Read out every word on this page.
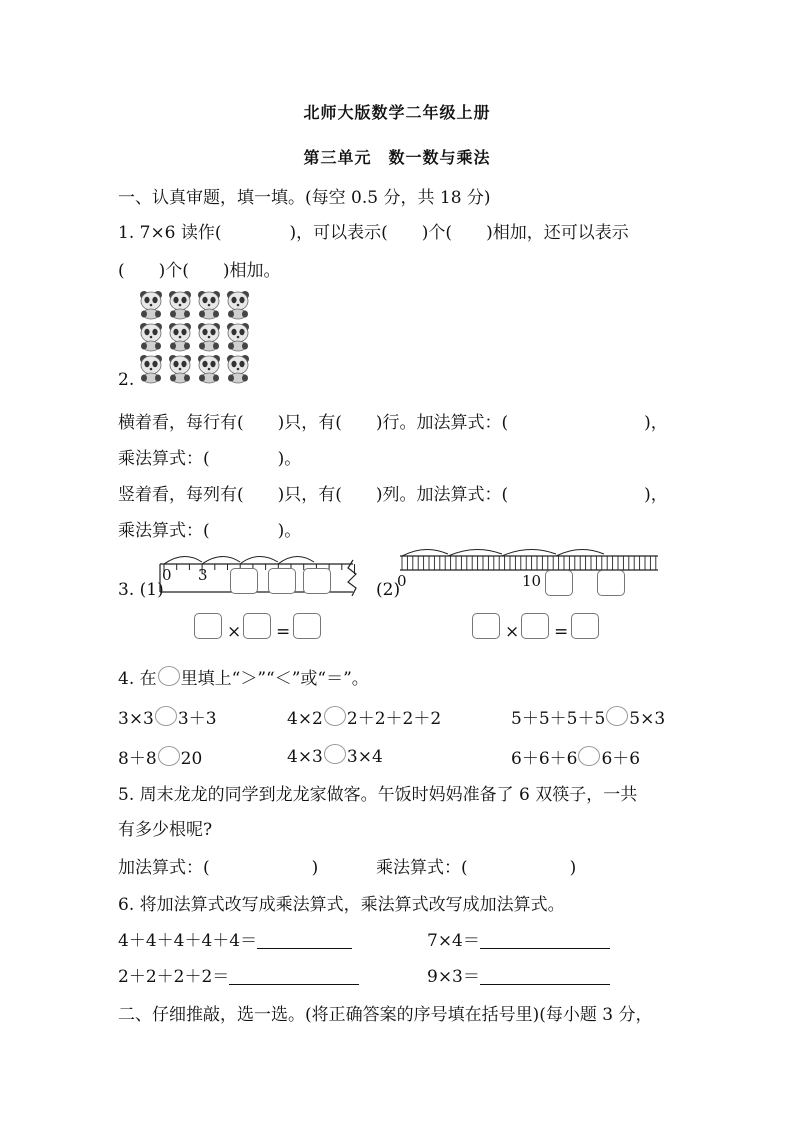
北师大版数学二年级上册
第三单元　数一数与乘法
一、认真审题，填一填。(每空 0.5 分，共 18 分)
1. 7×6 读作(　　　　)，可以表示(　　)个(　　)相加，还可以表示
(　　)个(　　)相加。
2.
横着看，每行有(　　)只，有(　　)行。加法算式：(　　　　　　　　)，
乘法算式：(　　　　)。
竖着看，每列有(　　)只，有(　　)列。加法算式：(　　　　　　　　)，
乘法算式：(　　　　)。
3. (1)	(2)
0 3	0	10
× =	× =
4. 在 里填上“＞”“＜”或“＝”。
3×3 3＋3	4×2 2＋2＋2＋2	5＋5＋5＋5 5×3
8＋8 20	4×3 3×4	6＋6＋6 6＋6
5. 周末龙龙的同学到龙龙家做客。午饭时妈妈准备了 6 双筷子，一共
有多少根呢?
加法算式：(　　　　　　)	乘法算式：(　　　　　　)
6. 将加法算式改写成乘法算式，乘法算式改写成加法算式。
4＋4＋4＋4＋4＝	7×4＝
2＋2＋2＋2＝	9×3＝
二、仔细推敲，选一选。(将正确答案的序号填在括号里)(每小题 3 分，
